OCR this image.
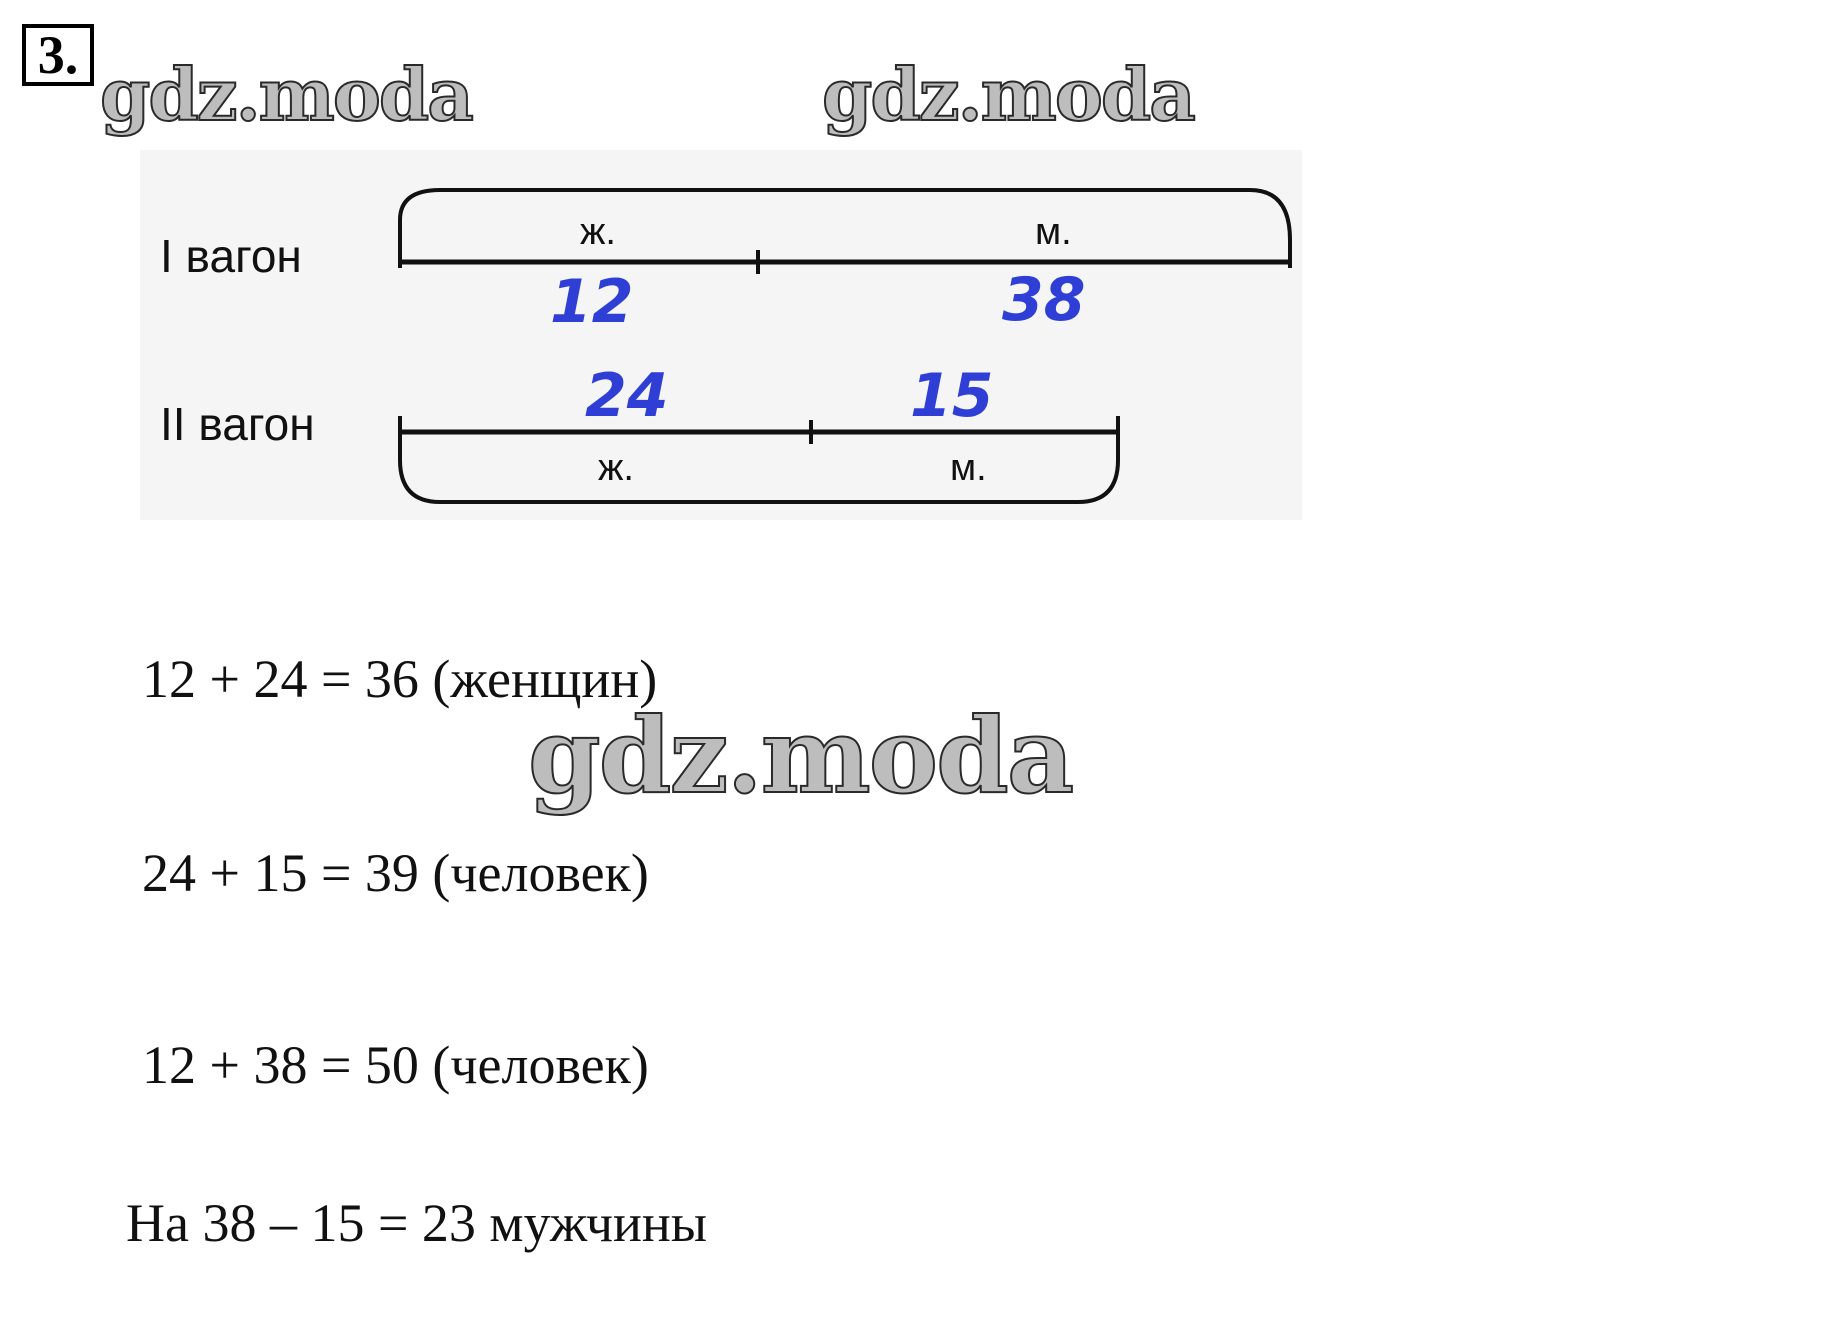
3. gdz.moda	gdz.moda
I вагон	ж.	м.
12	38
II вагон
ж.	м.
24	15
12 + 24 = 36 (женщин)
gdz.moda
24 + 15 = 39 (человек)
12 + 38 = 50 (человек)
На 38 – 15 = 23 мужчины
